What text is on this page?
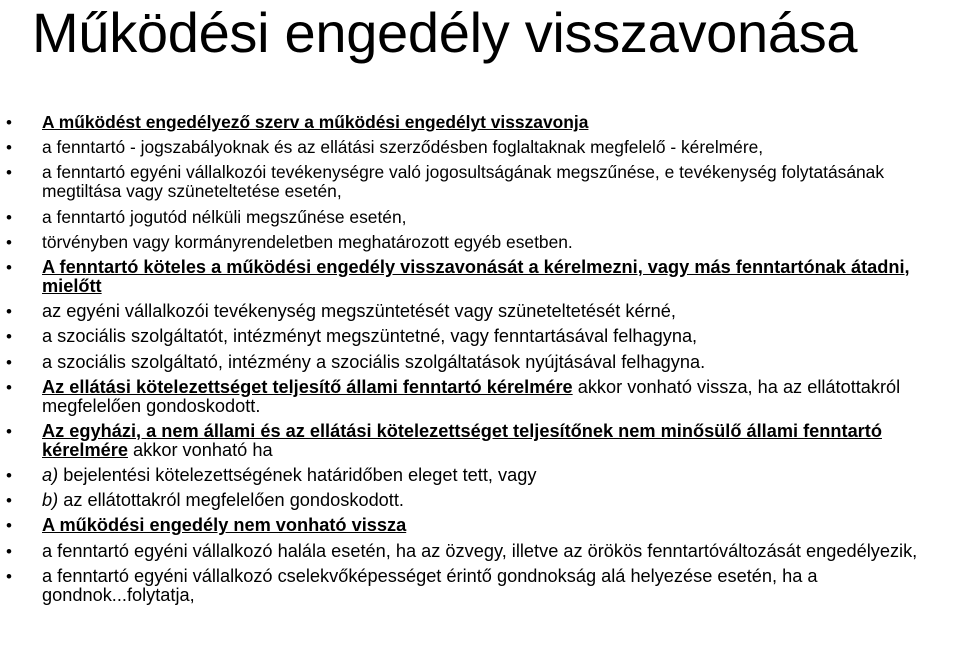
Működési engedély visszavonása
• A működést engedélyező szerv a működési engedélyt visszavonja
• a fenntartó - jogszabályoknak és az ellátási szerződésben foglaltaknak megfelelő - kérelmére,
• a fenntartó egyéni vállalkozói tevékenységre való jogosultságának megszűnése, e tevékenység folytatásának megtiltása vagy szüneteltetése esetén,
• a fenntartó jogutód nélküli megszűnése esetén,
• törvényben vagy kormányrendeletben meghatározott egyéb esetben.
• A fenntartó köteles a működési engedély visszavonását a kérelmezni, vagy más fenntartónak átadni, mielőtt
• az egyéni vállalkozói tevékenység megszüntetését vagy szüneteltetését kérné,
• a szociális szolgáltatót, intézményt megszüntetné, vagy fenntartásával felhagyna,
• a szociális szolgáltató, intézmény a szociális szolgáltatások nyújtásával felhagyna.
• Az ellátási kötelezettséget teljesítő állami fenntartó kérelmére akkor vonható vissza, ha az ellátottakról megfelelően gondoskodott.
• Az egyházi, a nem állami és az ellátási kötelezettséget teljesítőnek nem minősülő állami fenntartó kérelmére akkor vonható ha
• a) bejelentési kötelezettségének határidőben eleget tett, vagy
• b) az ellátottakról megfelelően gondoskodott.
• A működési engedély nem vonható vissza
• a fenntartó egyéni vállalkozó halála esetén, ha az özvegy, illetve az örökös fenntartóváltozását engedélyezik,
• a fenntartó egyéni vállalkozó cselekvőképességet érintő gondnokság alá helyezése esetén, ha a gondnok...folytatja,
